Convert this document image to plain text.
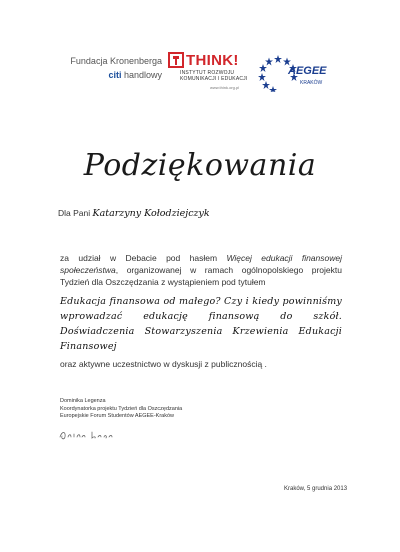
Fundacja Kronenberga
citi handlowy
THINK!
INSTYTUT ROZWOJU
KOMUNIKACJI I EDUKACJI
www.think.org.pl
AEGEE
KRAKÓW
Podziękowania
Dla Pani Katarzyny Kołodziejczyk
za udział w Debacie pod hasłem Więcej edukacji finansowej społeczeństwa, organizowanej w ramach ogólnopolskiego projektu Tydzień dla Oszczędzania z wystąpieniem pod tytułem
Edukacja finansowa od małego? Czy i kiedy powinniśmy wprowadzać edukację finansową do szkół. Doświadczenia Stowarzyszenia Krzewienia Edukacji Finansowej
oraz aktywne uczestnictwo w dyskusji z publicznością .
Dominika Legenza
Koordynatorka projektu Tydzień dla Oszczędzania
Europejskie Forum Studentów AEGEE-Kraków
Kraków, 5 grudnia 2013
